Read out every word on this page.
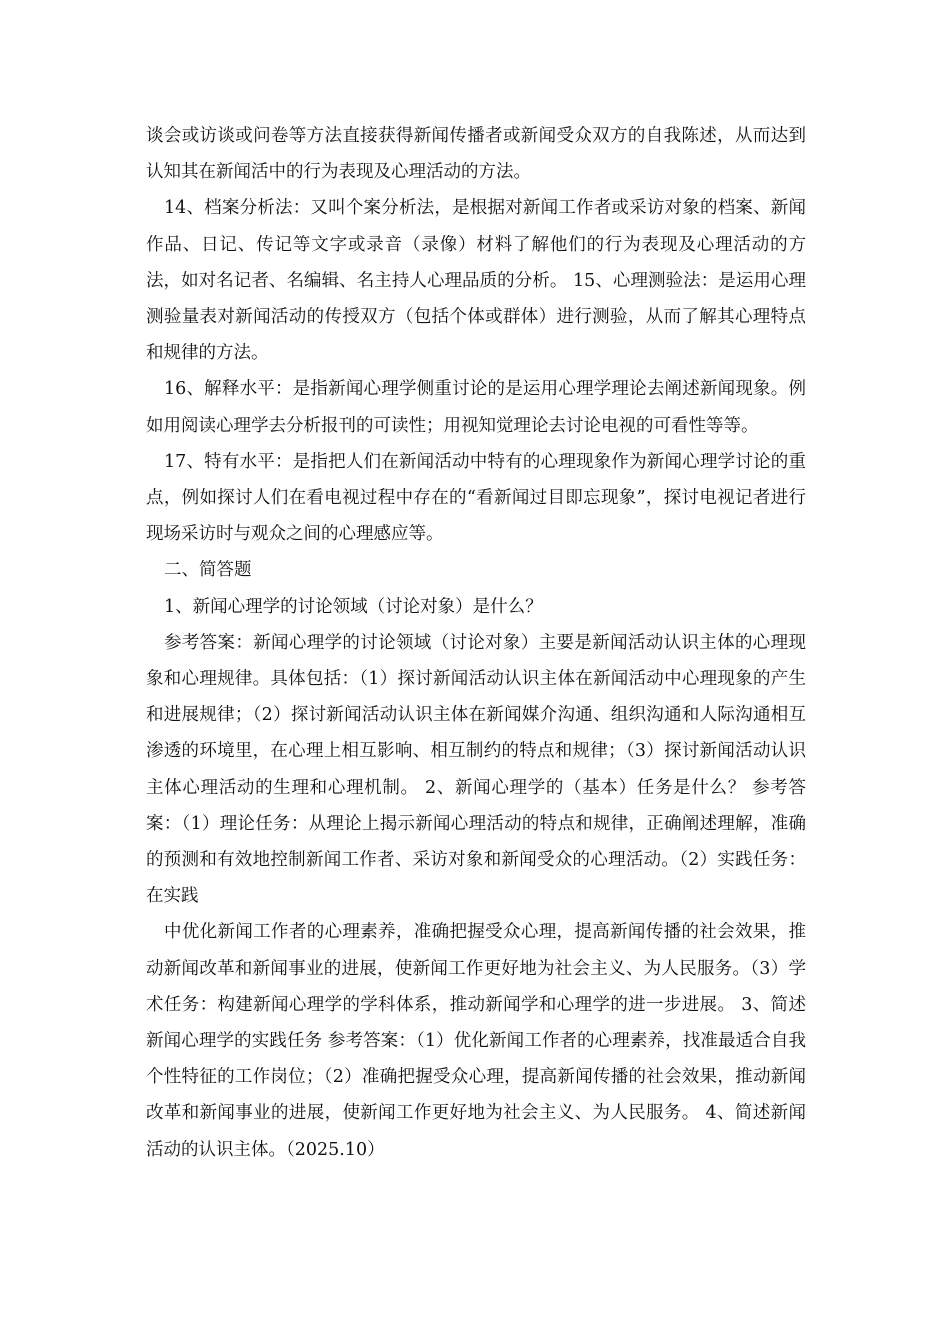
谈会或访谈或问卷等方法直接获得新闻传播者或新闻受众双方的自我陈述，从而达到认知其在新闻活中的行为表现及心理活动的方法。

14、档案分析法：又叫个案分析法，是根据对新闻工作者或采访对象的档案、新闻作品、日记、传记等文字或录音（录像）材料了解他们的行为表现及心理活动的方法，如对名记者、名编辑、名主持人心理品质的分析。 15、心理测验法：是运用心理测验量表对新闻活动的传授双方（包括个体或群体）进行测验，从而了解其心理特点和规律的方法。

16、解释水平：是指新闻心理学侧重讨论的是运用心理学理论去阐述新闻现象。例如用阅读心理学去分析报刊的可读性；用视知觉理论去讨论电视的可看性等等。

17、特有水平：是指把人们在新闻活动中特有的心理现象作为新闻心理学讨论的重点，例如探讨人们在看电视过程中存在的“看新闻过目即忘现象”，探讨电视记者进行现场采访时与观众之间的心理感应等。

二、简答题

1、新闻心理学的讨论领域（讨论对象）是什么？

参考答案：新闻心理学的讨论领域（讨论对象）主要是新闻活动认识主体的心理现象和心理规律。具体包括：（1）探讨新闻活动认识主体在新闻活动中心理现象的产生和进展规律；（2）探讨新闻活动认识主体在新闻媒介沟通、组织沟通和人际沟通相互渗透的环境里，在心理上相互影响、相互制约的特点和规律；（3）探讨新闻活动认识主体心理活动的生理和心理机制。 2、新闻心理学的（基本）任务是什么？ 参考答案：（1）理论任务：从理论上揭示新闻心理活动的特点和规律，正确阐述理解，准确的预测和有效地控制新闻工作者、采访对象和新闻受众的心理活动。（2）实践任务：在实践

中优化新闻工作者的心理素养，准确把握受众心理，提高新闻传播的社会效果，推动新闻改革和新闻事业的进展，使新闻工作更好地为社会主义、为人民服务。（3）学术任务：构建新闻心理学的学科体系，推动新闻学和心理学的进一步进展。 3、简述新闻心理学的实践任务 参考答案：（1）优化新闻工作者的心理素养，找准最适合自我个性特征的工作岗位；（2）准确把握受众心理，提高新闻传播的社会效果，推动新闻改革和新闻事业的进展，使新闻工作更好地为社会主义、为人民服务。 4、简述新闻活动的认识主体。（2025.10）
